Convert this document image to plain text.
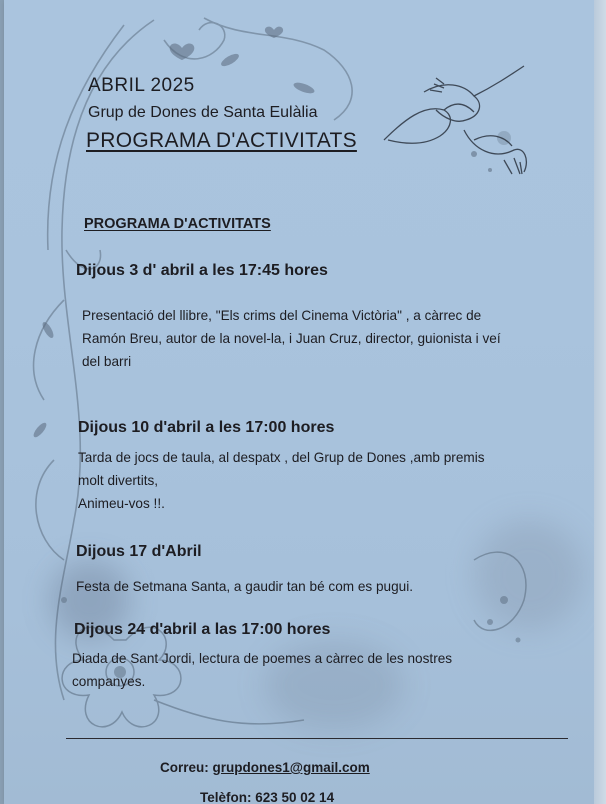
ABRIL 2025
Grup de Dones de Santa Eulàlia
PROGRAMA D'ACTIVITATS
PROGRAMA D'ACTIVITATS
Dijous 3 d' abril a les 17:45 hores
Presentació del llibre, "Els crims del Cinema Victòria" , a càrrec de
Ramón Breu, autor de la novel-la, i Juan Cruz, director, guionista i veí
del barri
Dijous 10 d'abril a les 17:00 hores
Tarda de jocs de taula, al despatx , del Grup de Dones ,amb premis
molt divertits,
Animeu-vos !!.
Dijous 17 d'Abril
Festa de Setmana Santa, a gaudir tan bé com es pugui.
Dijous 24 d'abril a las 17:00 hores
Diada de Sant Jordi, lectura de poemes a càrrec de les nostres
companyes.
Correu: grupdones1@gmail.com
Telèfon: 623 50 02 14
